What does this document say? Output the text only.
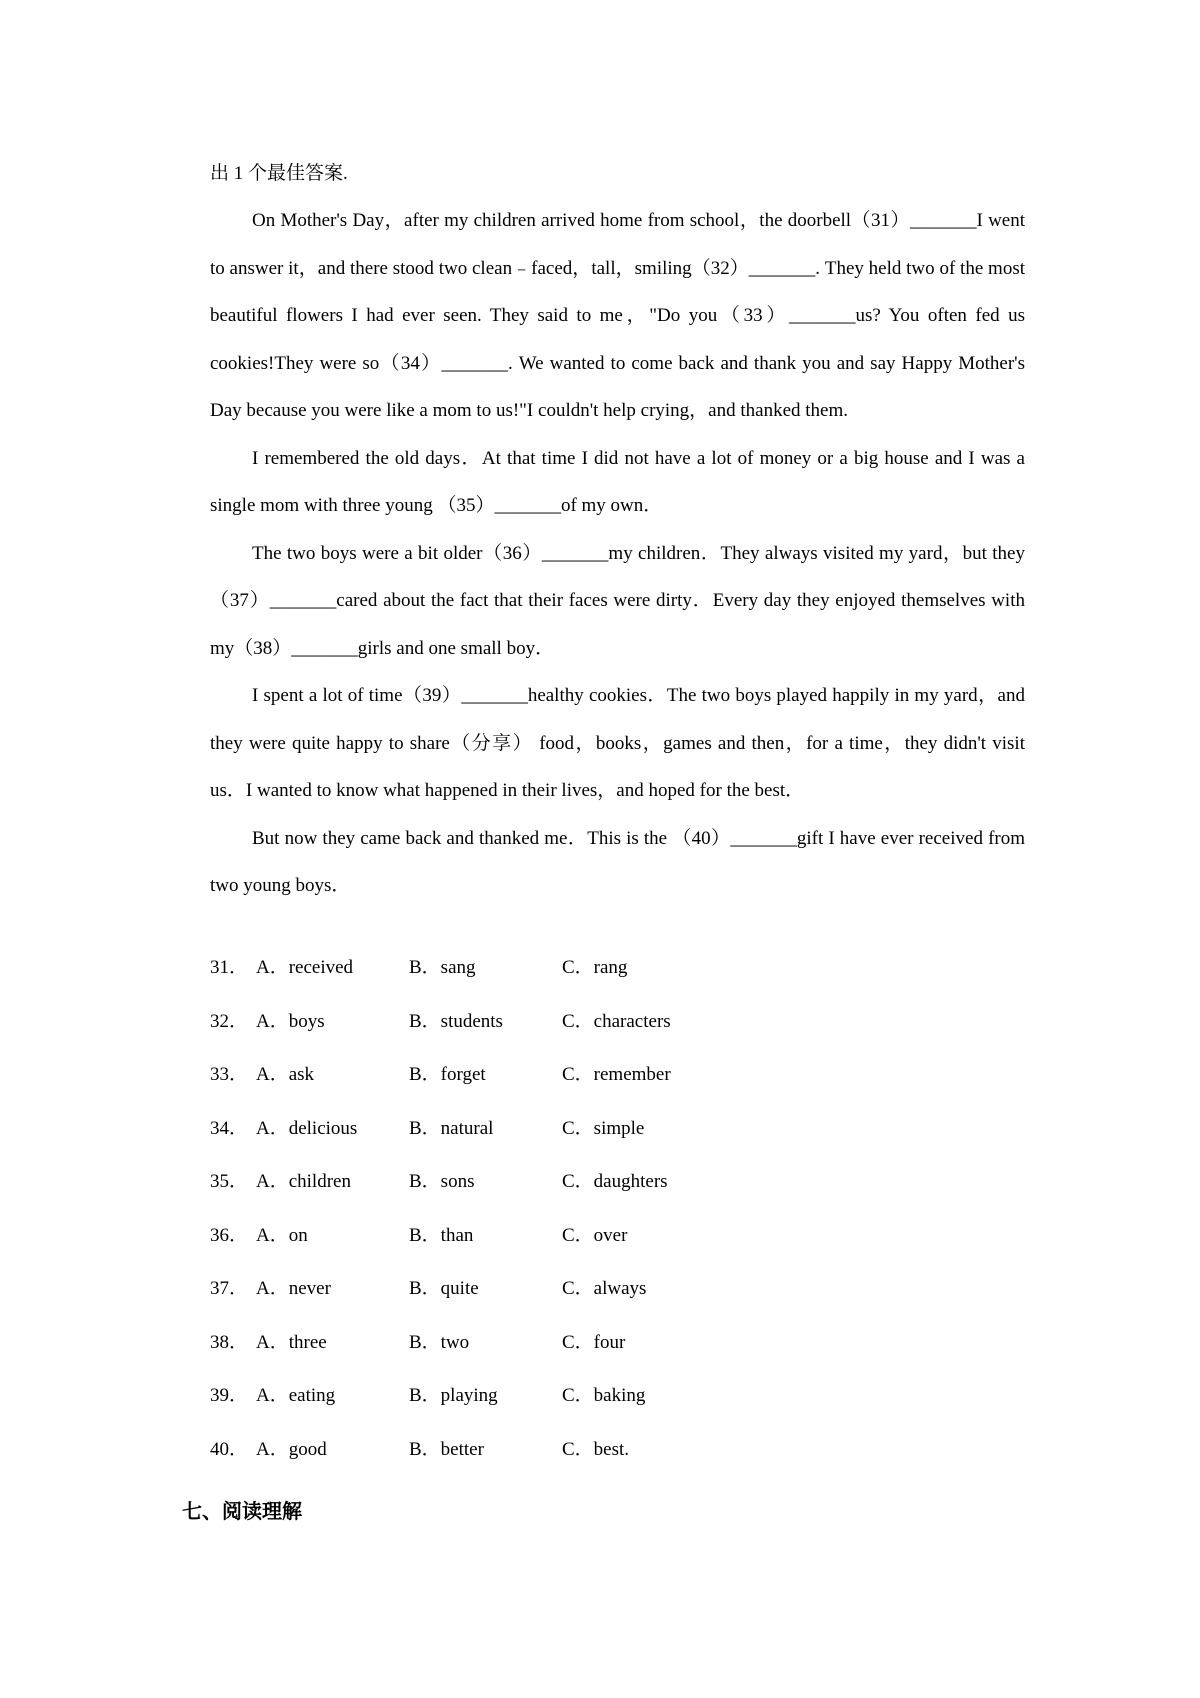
出 1 个最佳答案.

On Mother's Day，after my children arrived home from school，the doorbell（31）_______I went to answer it，and there stood two clean﹣faced，tall，smiling（32）_______. They held two of the most beautiful flowers I had ever seen. They said to me，"Do you（33）_______us? You often fed us cookies!They were so（34）_______. We wanted to come back and thank you and say Happy Mother's Day because you were like a mom to us!"I couldn't help crying，and thanked them.

I remembered the old days．At that time I did not have a lot of money or a big house and I was a single mom with three young （35）_______of my own．

The two boys were a bit older（36）_______my children．They always visited my yard，but they（37）_______cared about the fact that their faces were dirty．Every day they enjoyed themselves with my（38）_______girls and one small boy．

I spent a lot of time（39）_______healthy cookies．The two boys played happily in my yard，and they were quite happy to share（分享） food，books，games and then，for a time，they didn't visit us．I wanted to know what happened in their lives，and hoped for the best．

But now they came back and thanked me．This is the （40）_______gift I have ever received from two young boys．

31． A．received	B．sang	C．rang
32． A．boys	B．students	C．characters
33． A．ask	B．forget	C．remember
34． A．delicious	B．natural	C．simple
35． A．children	B．sons	C．daughters
36． A．on	B．than	C．over
37． A．never	B．quite	C．always
38． A．three	B．two	C．four
39． A．eating	B．playing	C．baking
40． A．good	B．better	C．best.

七、阅读理解
